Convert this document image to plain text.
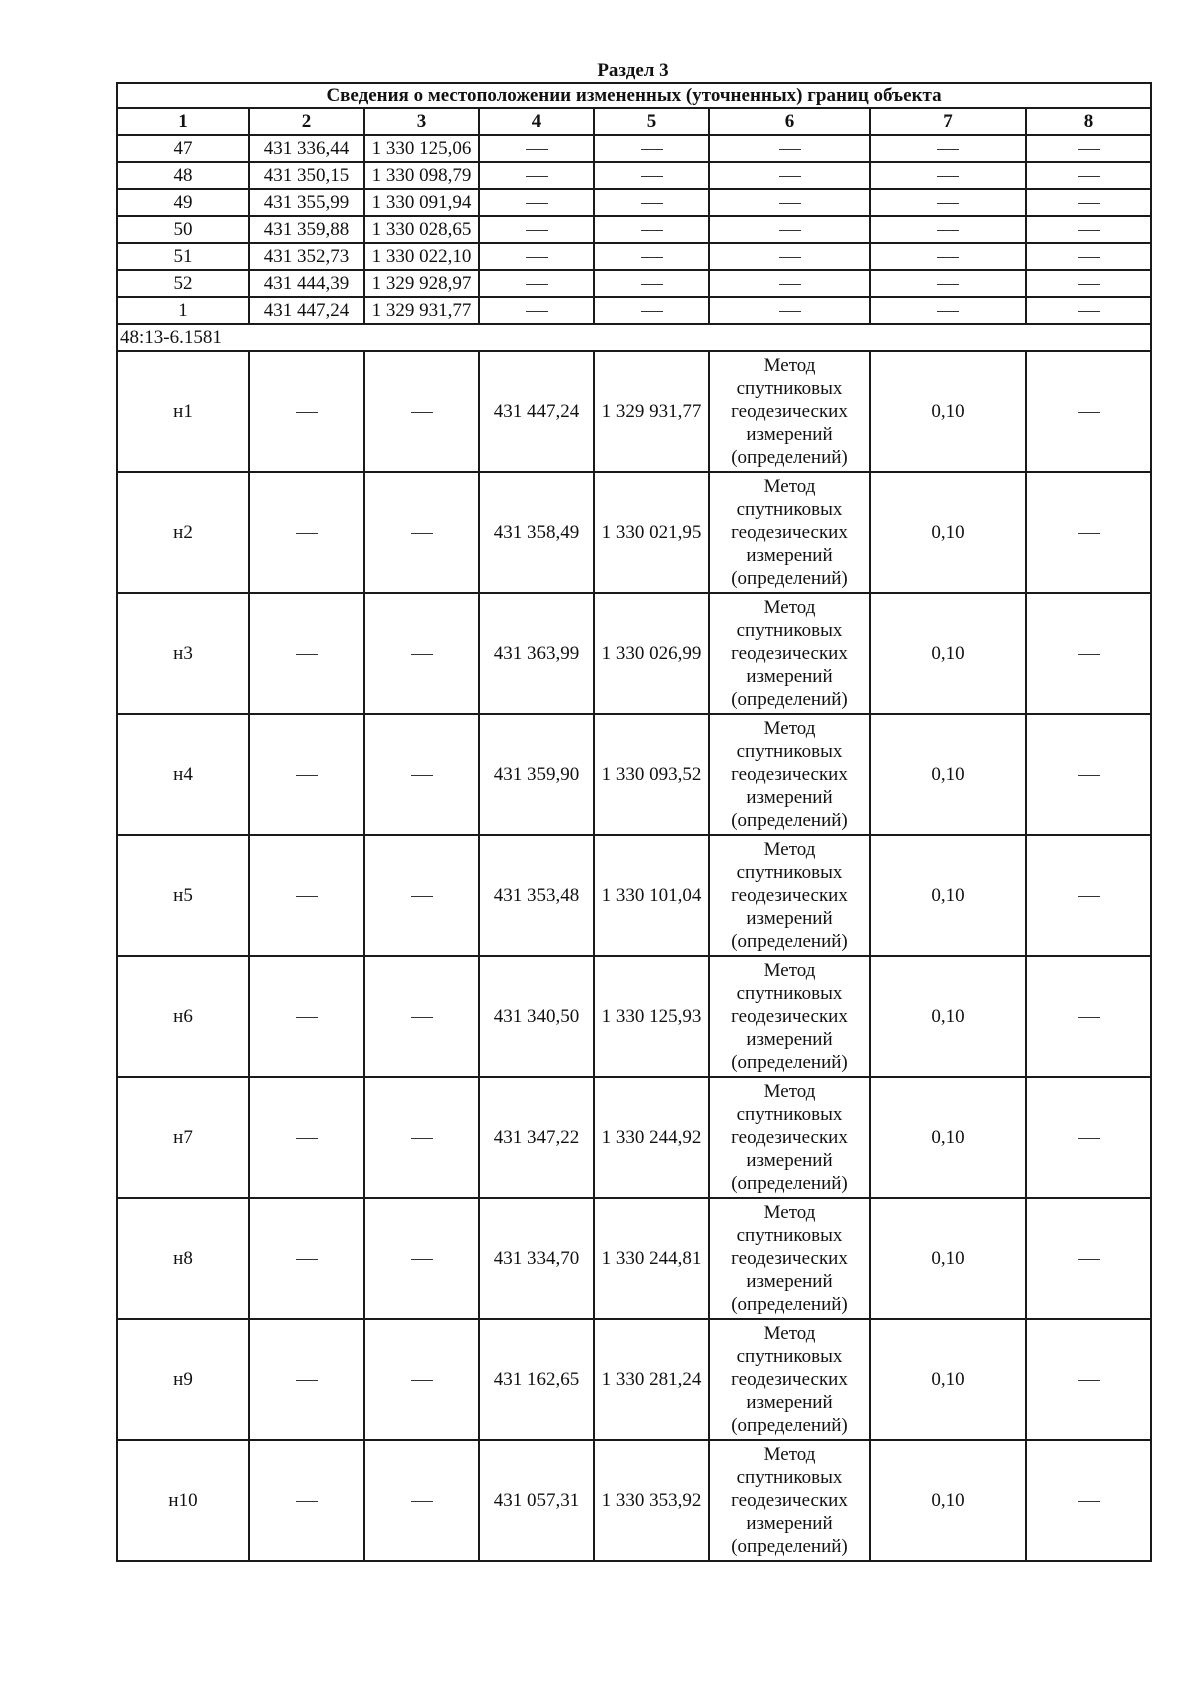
Раздел 3
Сведения о местоположении измененных (уточненных) границ объекта							
1	2	3	4	5	6	7	8
47	431 336,44	1 330 125,06					
48	431 350,15	1 330 098,79					
49	431 355,99	1 330 091,94					
50	431 359,88	1 330 028,65					
51	431 352,73	1 330 022,10					
52	431 444,39	1 329 928,97					
1	431 447,24	1 329 931,77					
48:13-6.1581							
н1			431 447,24	1 329 931,77	Метод
спутниковых
геодезических
измерений
(определений)	0,10	
н2			431 358,49	1 330 021,95	Метод
спутниковых
геодезических
измерений
(определений)	0,10	
н3			431 363,99	1 330 026,99	Метод
спутниковых
геодезических
измерений
(определений)	0,10	
н4			431 359,90	1 330 093,52	Метод
спутниковых
геодезических
измерений
(определений)	0,10	
н5			431 353,48	1 330 101,04	Метод
спутниковых
геодезических
измерений
(определений)	0,10	
н6			431 340,50	1 330 125,93	Метод
спутниковых
геодезических
измерений
(определений)	0,10	
н7			431 347,22	1 330 244,92	Метод
спутниковых
геодезических
измерений
(определений)	0,10	
н8			431 334,70	1 330 244,81	Метод
спутниковых
геодезических
измерений
(определений)	0,10	
н9			431 162,65	1 330 281,24	Метод
спутниковых
геодезических
измерений
(определений)	0,10	
н10			431 057,31	1 330 353,92	Метод
спутниковых
геодезических
измерений
(определений)	0,10	
